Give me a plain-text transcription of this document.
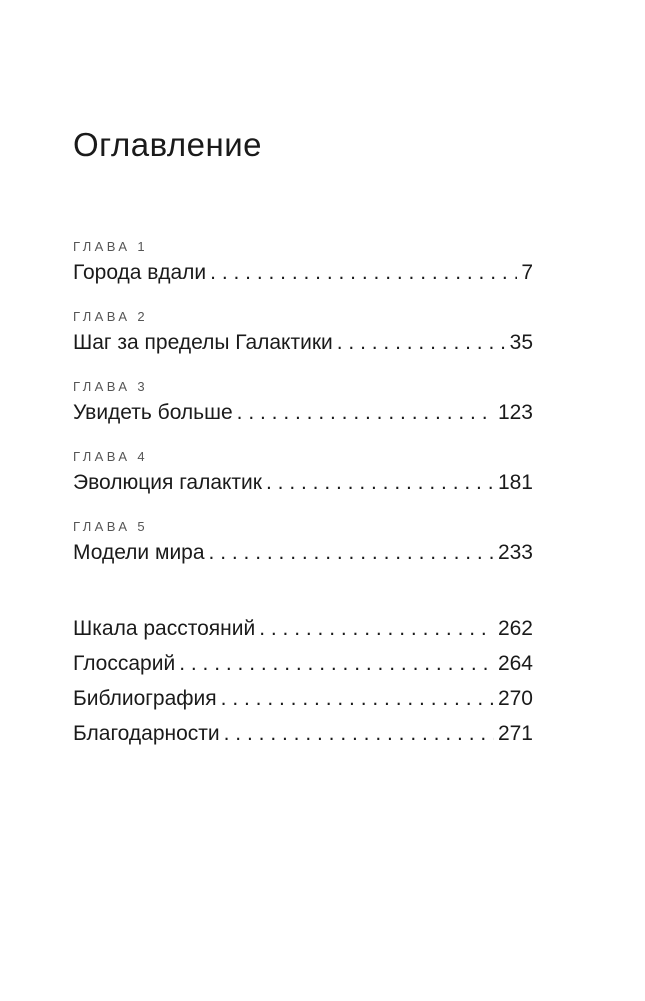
Оглавление
ГЛАВА 1
Города вдали . . .	7
ГЛАВА 2
Шаг за пределы Галактики . . .	35
ГЛАВА 3
Увидеть больше . . .	123
ГЛАВА 4
Эволюция галактик . . .	181
ГЛАВА 5
Модели мира . . .	233
Шкала расстояний . . .	262
Глоссарий . . .	264
Библиография . . .	270
Благодарности . . .	271
